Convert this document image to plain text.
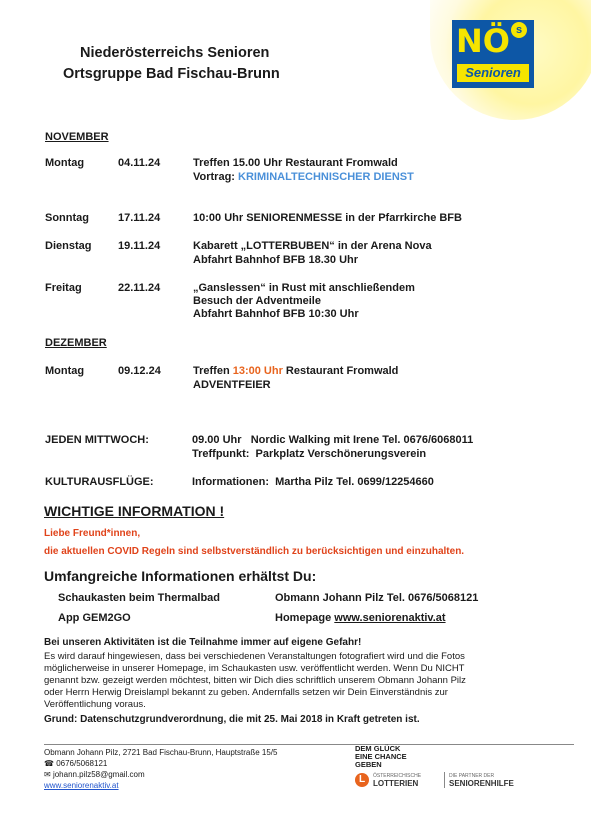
Niederösterreichs Senioren
Ortsgruppe Bad Fischau-Brunn
NÖ s
Senioren
NOVEMBER
Montag	04.11.24	Treffen 15.00 Uhr Restaurant Fromwald
Vortrag: KRIMINALTECHNISCHER DIENST
Sonntag	17.11.24	10:00 Uhr SENIORENMESSE in der Pfarrkirche BFB
Dienstag 19.11.24	Kabarett „LOTTERBUBEN“ in der Arena Nova
Abfahrt Bahnhof BFB 18.30 Uhr
Freitag	22.11.24	„Ganslessen“ in Rust mit anschließendem
Besuch der Adventmeile
Abfahrt Bahnhof BFB 10:30 Uhr
DEZEMBER
Montag	09.12.24	Treffen 13:00 Uhr Restaurant Fromwald
ADVENTFEIER
JEDEN MITTWOCH:	09.00 Uhr   Nordic Walking mit Irene Tel. 0676/6068011
Treffpunkt:  Parkplatz Verschönerungsverein
KULTURAUSFLÜGE:	Informationen:  Martha Pilz Tel. 0699/12254660
WICHTIGE INFORMATION !
Liebe Freund*innen,
die aktuellen COVID Regeln sind selbstverständlich zu berücksichtigen und einzuhalten.
Umfangreiche Informationen erhältst Du:
Schaukasten beim Thermalbad
App GEM2GO
Obmann Johann Pilz Tel. 0676/5068121
Homepage www.seniorenaktiv.at
Bei unseren Aktivitäten ist die Teilnahme immer auf eigene Gefahr!
Es wird darauf hingewiesen, dass bei verschiedenen Veranstaltungen fotografiert wird und die Fotos
möglicherweise in unserer Homepage, im Schaukasten usw. veröffentlicht werden. Wenn Du NICHT
genannt bzw. gezeigt werden möchtest, bitten wir Dich dies schriftlich unserem Obmann Johann Pilz
oder Herrn Herwig Dreislampl bekannt zu geben. Andernfalls setzen wir Dein Einverständnis zur
Veröffentlichung voraus.
Grund: Datenschutzgrundverordnung, die mit 25. Mai 2018 in Kraft getreten ist.
Obmann Johann Pilz, 2721 Bad Fischau-Brunn, Hauptstraße 15/5
☎ 0676/5068121
✉ johann.pilz58@gmail.com
www.seniorenaktiv.at
DEM GLÜCK
EINE CHANCE
GEBEN
L	ÖSTERREICHISCHE
LOTTERIEN
DIE PARTNER DER
SENIORENHILFE
